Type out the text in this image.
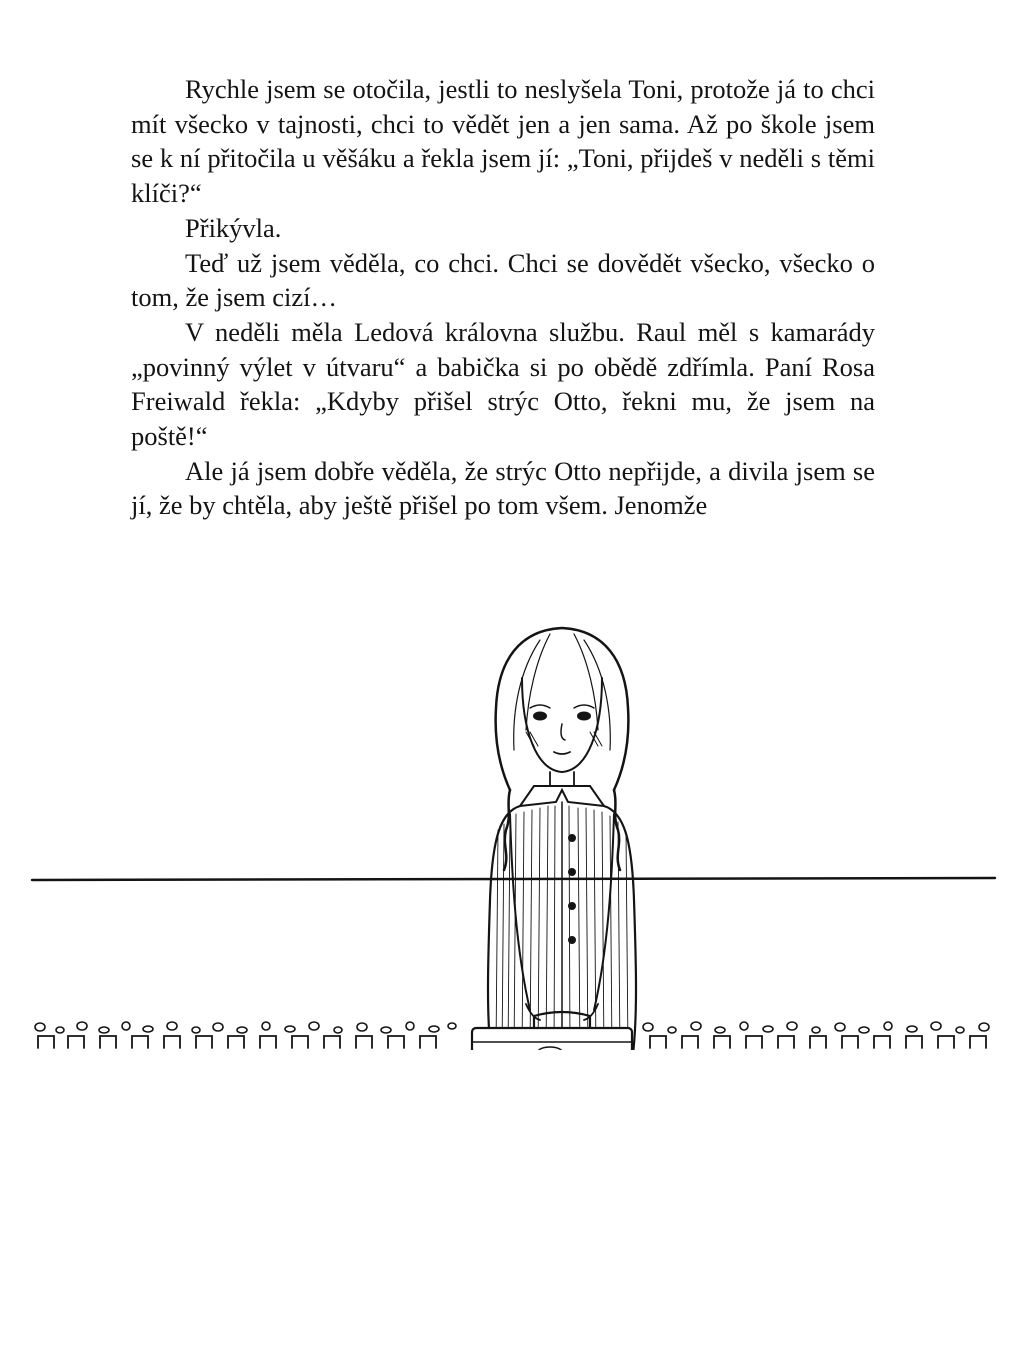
Rychle jsem se otočila, jestli to neslyšela Toni, protože já to chci mít všecko v tajnosti, chci to vědět jen a jen sama. Až po škole jsem se k ní přitočila u věšáku a řekla jsem jí: „Toni, přijdeš v neděli s těmi klíči?“

Přikývla.

Teď už jsem věděla, co chci. Chci se dovědět všecko, všecko o tom, že jsem cizí…

V neděli měla Ledová královna službu. Raul měl s kamarády „povinný výlet v útvaru“ a babička si po obědě zdřímla. Paní Rosa Freiwald řekla: „Kdyby přišel strýc Otto, řekni mu, že jsem na poště!“

Ale já jsem dobře věděla, že strýc Otto nepřijde, a divila jsem se jí, že by chtěla, aby ještě přišel po tom všem. Jenomže
